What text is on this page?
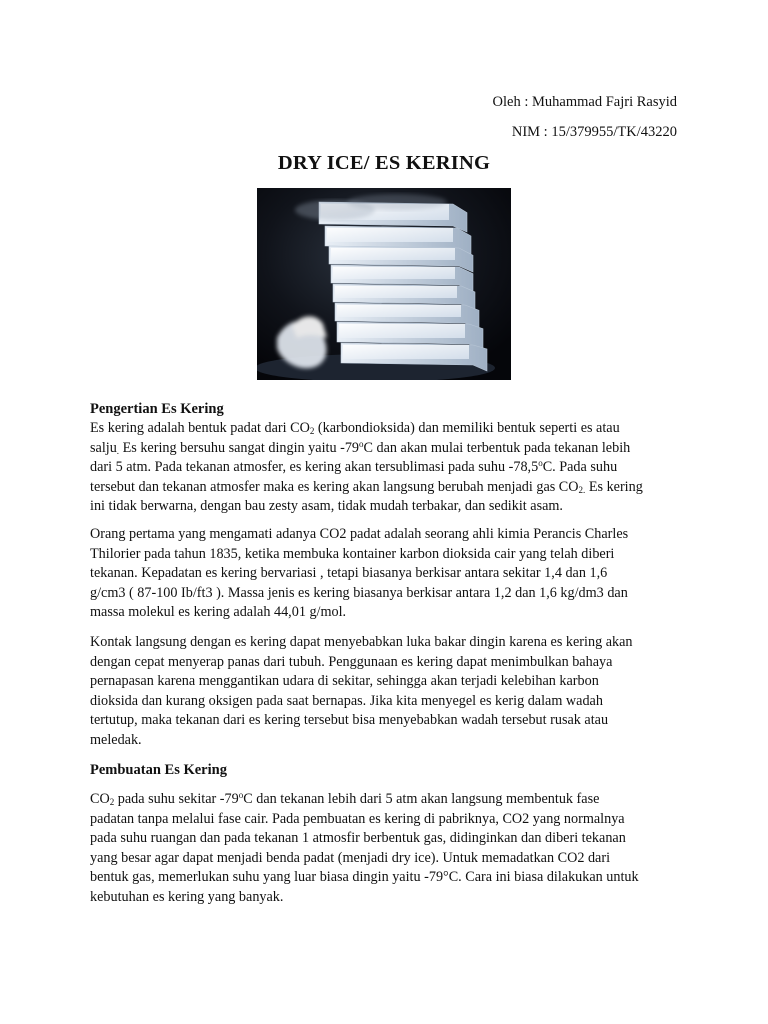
Oleh : Muhammad Fajri Rasyid
NIM : 15/379955/TK/43220
DRY ICE/ ES KERING
Pengertian Es Kering
Es kering adalah bentuk padat dari $CO_2$ (karbondioksida) dan memiliki bentuk seperti es atau
salju$_.$ Es kering bersuhu sangat dingin yaitu -79$^o$C dan akan mulai terbentuk pada tekanan lebih
dari 5 atm. Pada tekanan atmosfer, es kering akan tersublimasi pada suhu -78,5$^o$C. Pada suhu
tersebut dan tekanan atmosfer maka es kering akan langsung berubah menjadi gas $CO_{2.}$ Es kering
ini tidak berwarna, dengan bau zesty asam, tidak mudah terbakar, dan sedikit asam.
Orang pertama yang mengamati adanya CO2 padat adalah seorang ahli kimia Perancis Charles
Thilorier pada tahun 1835, ketika membuka kontainer karbon dioksida cair yang telah diberi
tekanan. Kepadatan es kering bervariasi , tetapi biasanya berkisar antara sekitar 1,4 dan 1,6
g/cm3 ( 87-100 Ib/ft3 ). Massa jenis es kering biasanya berkisar antara 1,2 dan 1,6 kg/dm3 dan
massa molekul es kering adalah 44,01 g/mol.
Kontak langsung dengan es kering dapat menyebabkan luka bakar dingin karena es kering akan
dengan cepat menyerap panas dari tubuh. Penggunaan es kering dapat menimbulkan bahaya
pernapasan karena menggantikan udara di sekitar, sehingga akan terjadi kelebihan karbon
dioksida dan kurang oksigen pada saat bernapas. Jika kita menyegel es kerig dalam wadah
tertutup, maka tekanan dari es kering tersebut bisa menyebabkan wadah tersebut rusak atau
meledak.
Pembuatan Es Kering
$CO_2$ pada suhu sekitar -79$^o$C dan tekanan lebih dari 5 atm akan langsung membentuk fase
padatan tanpa melalui fase cair. Pada pembuatan es kering di pabriknya, CO2 yang normalnya
pada suhu ruangan dan pada tekanan 1 atmosfir berbentuk gas, didinginkan dan diberi tekanan
yang besar agar dapat menjadi benda padat (menjadi dry ice). Untuk memadatkan CO2 dari
bentuk gas, memerlukan suhu yang luar biasa dingin yaitu -79°C. Cara ini biasa dilakukan untuk
kebutuhan es kering yang banyak.
